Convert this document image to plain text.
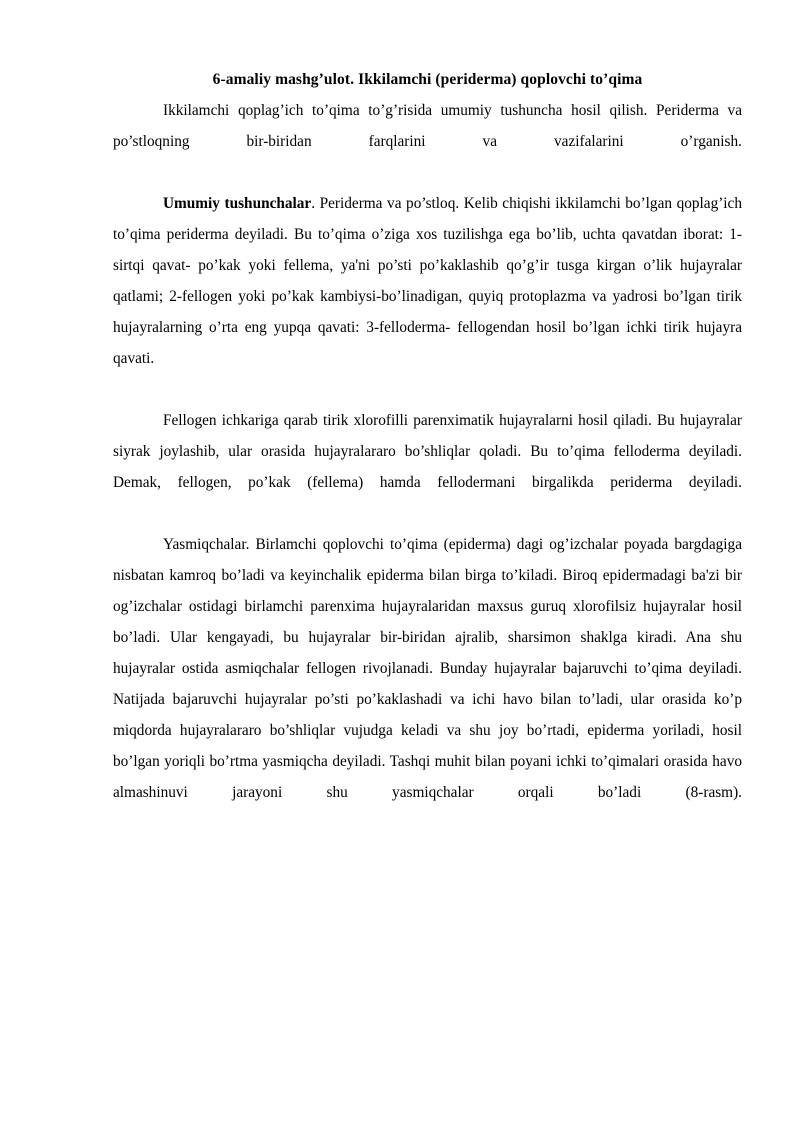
6-amaliy mashg’ulot. Ikkilamchi (periderma) qoplovchi to’qima

Ikkilamchi qoplag’ich to’qima to’g’risida umumiy tushuncha hosil qilish. Periderma va po’stloqning bir-biridan farqlarini va vazifalarini o’rganish.

Umumiy tushunchalar. Periderma va po’stloq. Kelib chiqishi ikkilamchi bo’lgan qoplag’ich to’qima periderma deyiladi. Bu to’qima o’ziga xos tuzilishga ega bo’lib, uchta qavatdan iborat: 1-sirtqi qavat- po’kak yoki fellema, ya'ni po’sti po’kaklashib qo’g’ir tusga kirgan o’lik hujayralar qatlami; 2-fellogen yoki po’kak kambiysi-bo’linadigan, quyiq protoplazma va yadrosi bo’lgan tirik hujayralarning o’rta eng yupqa qavati: 3-felloderma- fellogendan hosil bo’lgan ichki tirik hujayra qavati.

Fellogen ichkariga qarab tirik xlorofilli parenximatik hujayralarni hosil qiladi. Bu hujayralar siyrak joylashib, ular orasida hujayralararo bo’shliqlar qoladi. Bu to’qima felloderma deyiladi. Demak, fellogen, po’kak (fellema) hamda fellodermani birgalikda periderma deyiladi.

Yasmiqchalar. Birlamchi qoplovchi to’qima (epiderma) dagi og’izchalar poyada bargdagiga nisbatan kamroq bo’ladi va keyinchalik epiderma bilan birga to’kiladi. Biroq epidermadagi ba'zi bir og’izchalar ostidagi birlamchi parenxima hujayralaridan maxsus guruq xlorofilsiz hujayralar hosil bo’ladi. Ular kengayadi, bu hujayralar bir-biridan ajralib, sharsimon shaklga kiradi. Ana shu hujayralar ostida asmiqchalar fellogen rivojlanadi. Bunday hujayralar bajaruvchi to’qima deyiladi. Natijada bajaruvchi hujayralar po’sti po’kaklashadi va ichi havo bilan to’ladi, ular orasida ko’p miqdorda hujayralararo bo’shliqlar vujudga keladi va shu joy bo’rtadi, epiderma yoriladi, hosil bo’lgan yoriqli bo’rtma yasmiqcha deyiladi. Tashqi muhit bilan poyani ichki to’qimalari orasida havo almashinuvi jarayoni shu yasmiqchalar orqali bo’ladi (8-rasm).
